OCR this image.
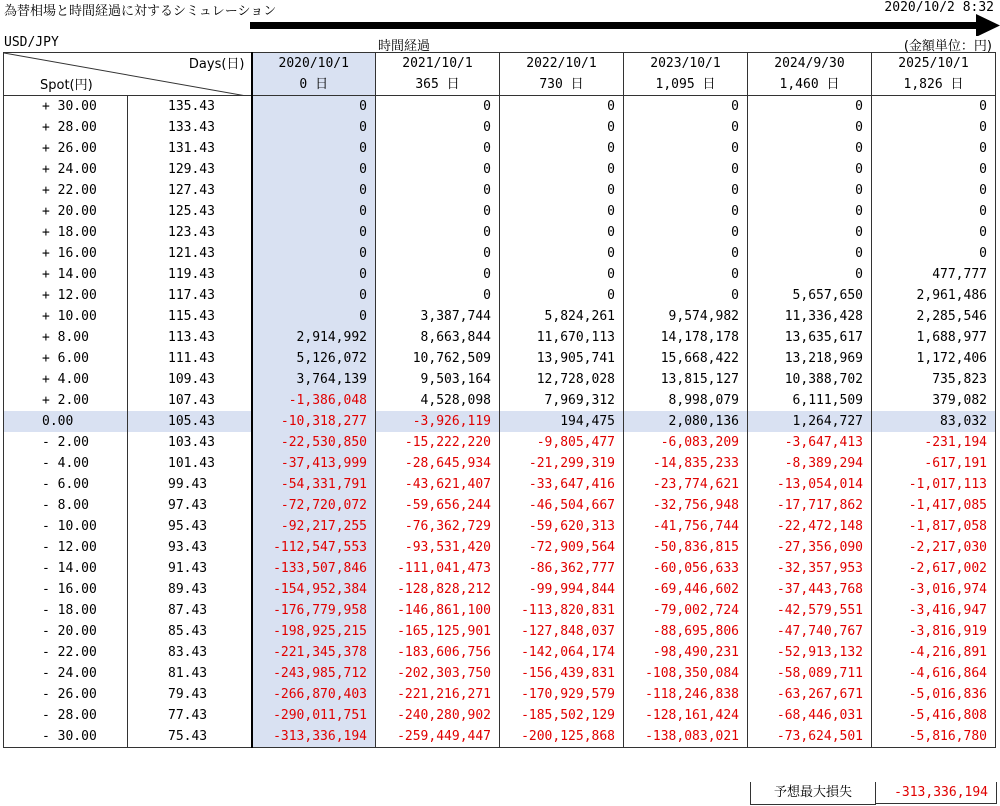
為替相場と時間経過に対するシミュレーション	2020/10/2 8:32
USD/JPY	時間経過	(金額単位：円)
Days(日)
Spot(円)		2020/10/1	2021/10/1	2022/10/1	2023/10/1	2024/9/30	2025/10/1
		0 日	365 日	730 日	1,095 日	1,460 日	1,826 日
+ 30.00	135.43	0	0	0	0	0	0
+ 28.00	133.43	0	0	0	0	0	0
+ 26.00	131.43	0	0	0	0	0	0
+ 24.00	129.43	0	0	0	0	0	0
+ 22.00	127.43	0	0	0	0	0	0
+ 20.00	125.43	0	0	0	0	0	0
+ 18.00	123.43	0	0	0	0	0	0
+ 16.00	121.43	0	0	0	0	0	0
+ 14.00	119.43	0	0	0	0	0	477,777
+ 12.00	117.43	0	0	0	0	5,657,650	2,961,486
+ 10.00	115.43	0	3,387,744	5,824,261	9,574,982	11,336,428	2,285,546
+ 8.00	113.43	2,914,992	8,663,844	11,670,113	14,178,178	13,635,617	1,688,977
+ 6.00	111.43	5,126,072	10,762,509	13,905,741	15,668,422	13,218,969	1,172,406
+ 4.00	109.43	3,764,139	9,503,164	12,728,028	13,815,127	10,388,702	735,823
+ 2.00	107.43	-1,386,048	4,528,098	7,969,312	8,998,079	6,111,509	379,082
0.00	105.43	-10,318,277	-3,926,119	194,475	2,080,136	1,264,727	83,032
- 2.00	103.43	-22,530,850	-15,222,220	-9,805,477	-6,083,209	-3,647,413	-231,194
- 4.00	101.43	-37,413,999	-28,645,934	-21,299,319	-14,835,233	-8,389,294	-617,191
- 6.00	99.43	-54,331,791	-43,621,407	-33,647,416	-23,774,621	-13,054,014	-1,017,113
- 8.00	97.43	-72,720,072	-59,656,244	-46,504,667	-32,756,948	-17,717,862	-1,417,085
- 10.00	95.43	-92,217,255	-76,362,729	-59,620,313	-41,756,744	-22,472,148	-1,817,058
- 12.00	93.43	-112,547,553	-93,531,420	-72,909,564	-50,836,815	-27,356,090	-2,217,030
- 14.00	91.43	-133,507,846	-111,041,473	-86,362,777	-60,056,633	-32,357,953	-2,617,002
- 16.00	89.43	-154,952,384	-128,828,212	-99,994,844	-69,446,602	-37,443,768	-3,016,974
- 18.00	87.43	-176,779,958	-146,861,100	-113,820,831	-79,002,724	-42,579,551	-3,416,947
- 20.00	85.43	-198,925,215	-165,125,901	-127,848,037	-88,695,806	-47,740,767	-3,816,919
- 22.00	83.43	-221,345,378	-183,606,756	-142,064,174	-98,490,231	-52,913,132	-4,216,891
- 24.00	81.43	-243,985,712	-202,303,750	-156,439,831	-108,350,084	-58,089,711	-4,616,864
- 26.00	79.43	-266,870,403	-221,216,271	-170,929,579	-118,246,838	-63,267,671	-5,016,836
- 28.00	77.43	-290,011,751	-240,280,902	-185,502,129	-128,161,424	-68,446,031	-5,416,808
- 30.00	75.43	-313,336,194	-259,449,447	-200,125,868	-138,083,021	-73,624,501	-5,816,780
予想最大損失	-313,336,194
